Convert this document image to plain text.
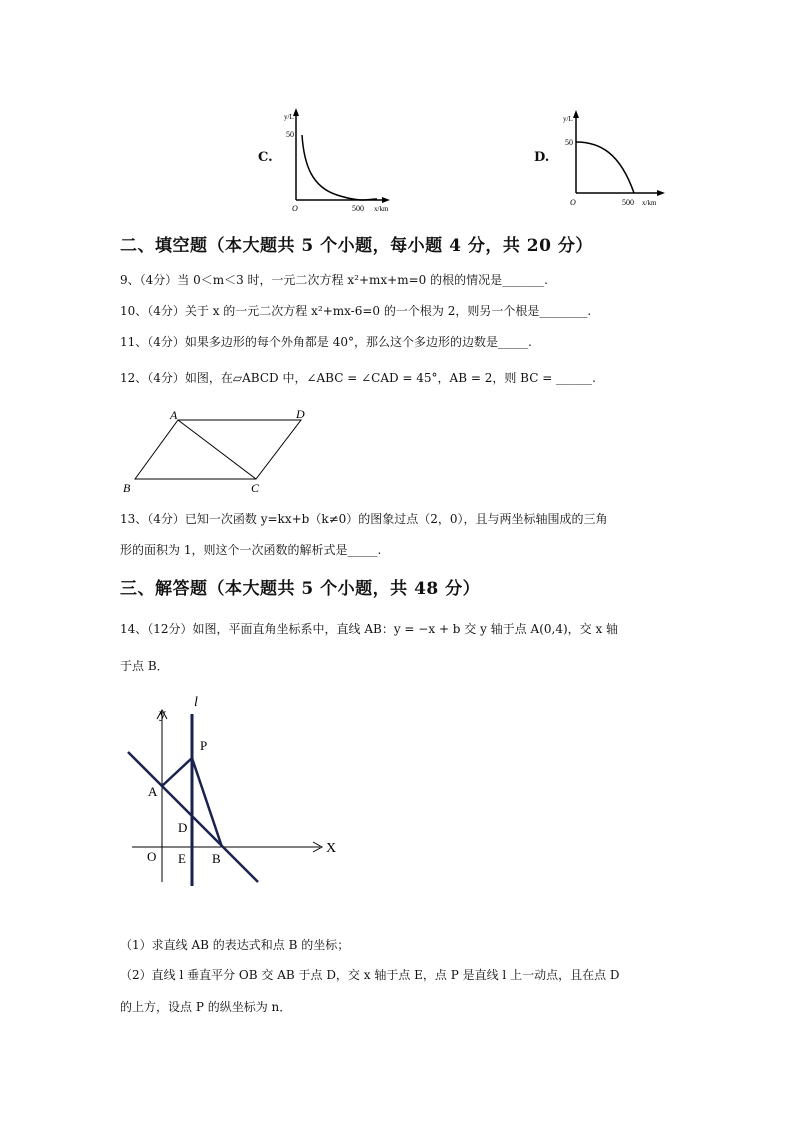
C.
y/L
50
O	500 x/km
D.
y/L
50
O	500 x/km
二、填空题（本大题共 5 个小题，每小题 4 分，共 20 分）
9、（4分）当 0＜m＜3 时，一元二次方程 x²+mx+m=0 的根的情况是_______.
10、（4分）关于 x 的一元二次方程 x²+mx-6=0 的一个根为 2，则另一个根是________.
11、（4分）如果多边形的每个外角都是 40°，那么这个多边形的边数是_____.
12、（4分）如图，在▱ABCD 中，∠ABC = ∠CAD = 45°，AB = 2，则 BC = ______.
A	D
B	C
13、（4分）已知一次函数 y=kx+b（k≠0）的图象过点（2，0），且与两坐标轴围成的三角
形的面积为 1，则这个一次函数的解析式是_____.
三、解答题（本大题共 5 个小题，共 48 分）
14、（12分）如图，平面直角坐标系中，直线 AB：y = −x + b 交 y 轴于点 A(0,4)，交 x 轴
于点 B．
y
l
X
P
A
D
O E B
（1）求直线 AB 的表达式和点 B 的坐标；
（2）直线 l 垂直平分 OB 交 AB 于点 D，交 x 轴于点 E，点 P 是直线 l 上一动点，且在点 D
的上方，设点 P 的纵坐标为 n．
